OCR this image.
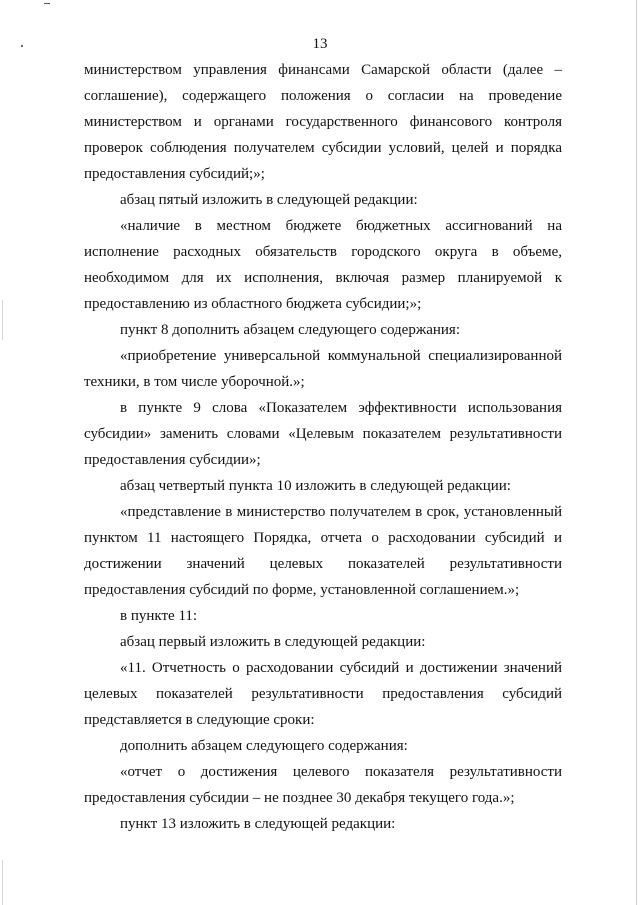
13
министерством управления финансами Самарской области (далее –
соглашение), содержащего положения о согласии на проведение
министерством и органами государственного финансового контроля
проверок соблюдения получателем субсидии условий, целей и порядка
предоставления субсидий;»;
абзац пятый изложить в следующей редакции:
«наличие в местном бюджете бюджетных ассигнований на
исполнение расходных обязательств городского округа в объеме,
необходимом для их исполнения, включая размер планируемой к
предоставлению из областного бюджета субсидии;»;
пункт 8 дополнить абзацем следующего содержания:
«приобретение универсальной коммунальной специализированной
техники, в том числе уборочной.»;
в пункте 9 слова «Показателем эффективности использования
субсидии» заменить словами «Целевым показателем результативности
предоставления субсидии»;
абзац четвертый пункта 10 изложить в следующей редакции:
«представление в министерство получателем в срок, установленный
пунктом 11 настоящего Порядка, отчета о расходовании субсидий и
достижении значений целевых показателей результативности
предоставления субсидий по форме, установленной соглашением.»;
в пункте 11:
абзац первый изложить в следующей редакции:
«11. Отчетность о расходовании субсидий и достижении значений
целевых показателей результативности предоставления субсидий
представляется в следующие сроки:
дополнить абзацем следующего содержания:
«отчет о достижения целевого показателя результативности
предоставления субсидии – не позднее 30 декабря текущего года.»;
пункт 13 изложить в следующей редакции:
